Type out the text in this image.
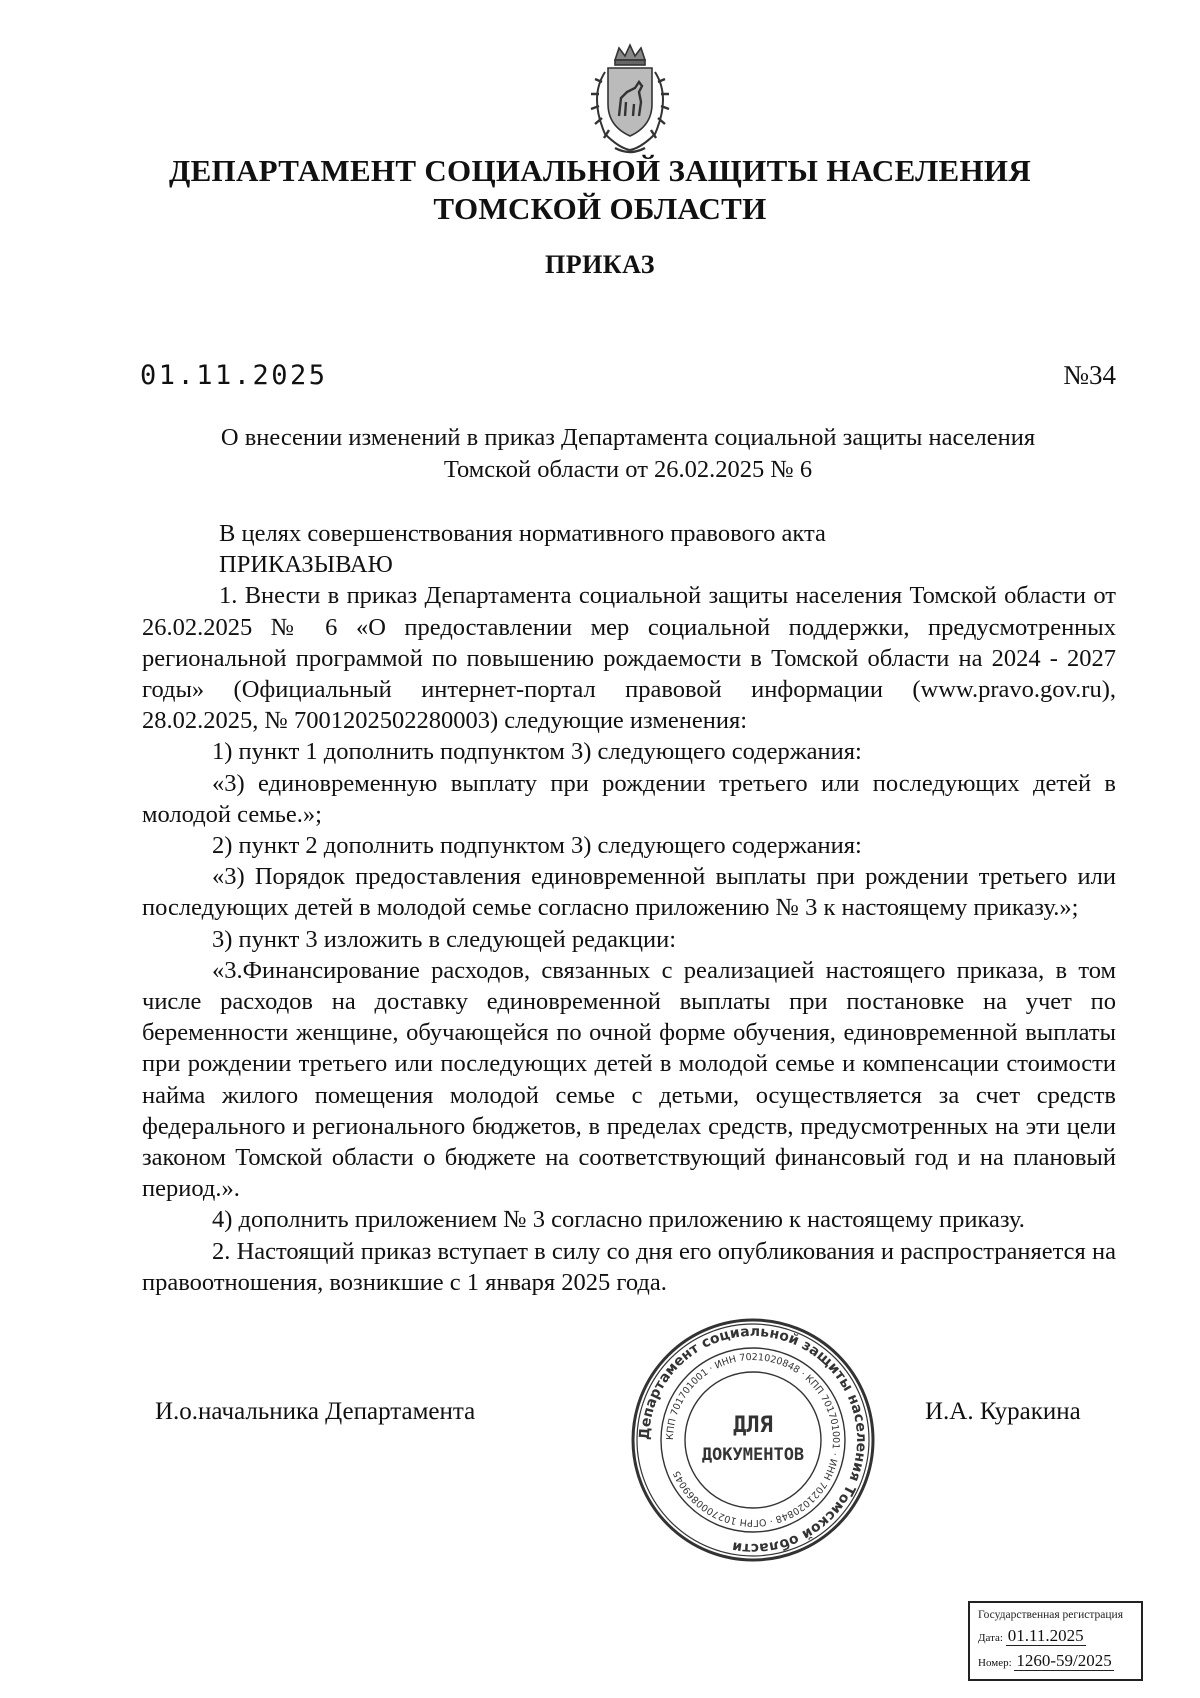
ДЕПАРТАМЕНТ СОЦИАЛЬНОЙ ЗАЩИТЫ НАСЕЛЕНИЯ
ТОМСКОЙ ОБЛАСТИ
ПРИКАЗ
01.11.2025	№34
О внесении изменений в приказ Департамента социальной защиты населения
Томской области от 26.02.2025 № 6

В целях совершенствования нормативного правового акта

ПРИКАЗЫВАЮ

1. Внести в приказ Департамента социальной защиты населения Томской области от 26.02.2025 № 6 «О предоставлении мер социальной поддержки, предусмотренных региональной программой по повышению рождаемости в Томской области на 2024 - 2027 годы» (Официальный интернет-портал правовой информации (www.pravo.gov.ru), 28.02.2025, № 7001202502280003) следующие изменения:

1) пункт 1 дополнить подпунктом 3) следующего содержания:

«3) единовременную выплату при рождении третьего или последующих детей в молодой семье.»;

2) пункт 2 дополнить подпунктом 3) следующего содержания:

«3) Порядок предоставления единовременной выплаты при рождении третьего или последующих детей в молодой семье согласно приложению № 3 к настоящему приказу.»;

3) пункт 3 изложить в следующей редакции:

«3.Финансирование расходов, связанных с реализацией настоящего приказа, в том числе расходов на доставку единовременной выплаты при постановке на учет по беременности женщине, обучающейся по очной форме обучения, единовременной выплаты при рождении третьего или последующих детей в молодой семье и компенсации стоимости найма жилого помещения молодой семье с детьми, осуществляется за счет средств федерального и регионального бюджетов, в пределах средств, предусмотренных на эти цели законом Томской области о бюджете на соответствующий финансовый год и на плановый период.».

4) дополнить приложением № 3 согласно приложению к настоящему приказу.

2. Настоящий приказ вступает в силу со дня его опубликования и распространяется на правоотношения, возникшие с 1 января 2025 года.

И.о.начальника Департамента	И.А. Куракина
Департамент социальной защиты населения Томской области
КПП 701701001 · ИНН 7021020848 · КПП 701701001 · ИНН 7021020848 · ОГРН 1027000869045
ДЛЯ
ДОКУМЕНТОВ
Государственная регистрация
Дата: 01.11.2025
Номер: 1260-59/2025
